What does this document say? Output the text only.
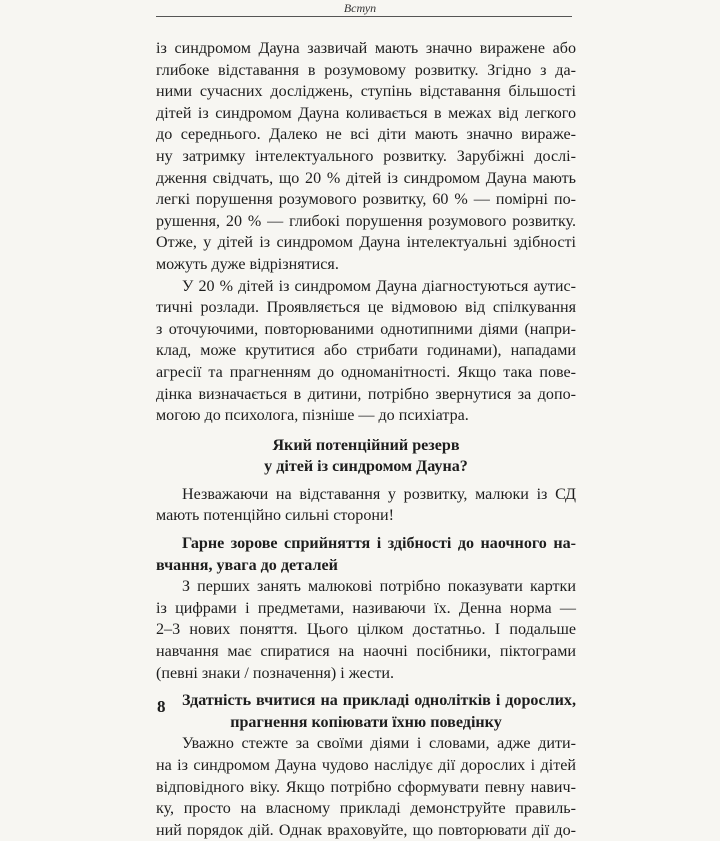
Вступ
із синдромом Дауна зазвичай мають значно виражене або
глибоке відставання в розумовому розвитку. Згідно з да-
ними сучасних досліджень, ступінь відставання більшості
дітей із синдромом Дауна коливається в межах від легкого
до середнього. Далеко не всі діти мають значно вираже-
ну затримку інтелектуального розвитку. Зарубіжні дослі-
дження свідчать, що 20 % дітей із синдромом Дауна мають
легкі порушення розумового розвитку, 60 % — помірні по-
рушення, 20 % — глибокі порушення розумового розвитку.
Отже, у дітей із синдромом Дауна інтелектуальні здібності
можуть дуже відрізнятися.
У 20 % дітей із синдромом Дауна діагностуються аутис-
тичні розлади. Проявляється це відмовою від спілкування
з оточуючими, повторюваними однотипними діями (напри-
клад, може крутитися або стрибати годинами), нападами
агресії та прагненням до одноманітності. Якщо така пове-
дінка визначається в дитини, потрібно звернутися за допо-
могою до психолога, пізніше — до психіатра.
Який потенційний резерв
у дітей із синдромом Дауна?
Незважаючи на відставання у розвитку, малюки із СД
мають потенційно сильні сторони!
Гарне зорове сприйняття і здібності до наочного на-
вчання, увага до деталей
З перших занять малюкові потрібно показувати картки
із цифрами і предметами, називаючи їх. Денна норма —
2–3 нових поняття. Цього цілком достатньо. І подальше
навчання має спиратися на наочні посібники, піктограми
(певні знаки / позначення) і жести.
Здатність вчитися на прикладі однолітків і дорослих,
прагнення копіювати їхню поведінку
Уважно стежте за своїми діями і словами, адже дити-
на із синдромом Дауна чудово наслідує дії дорослих і дітей
відповідного віку. Якщо потрібно сформувати певну навич-
ку, просто на власному прикладі демонструйте правиль-
ний порядок дій. Однак враховуйте, що повторювати дії до-
8
